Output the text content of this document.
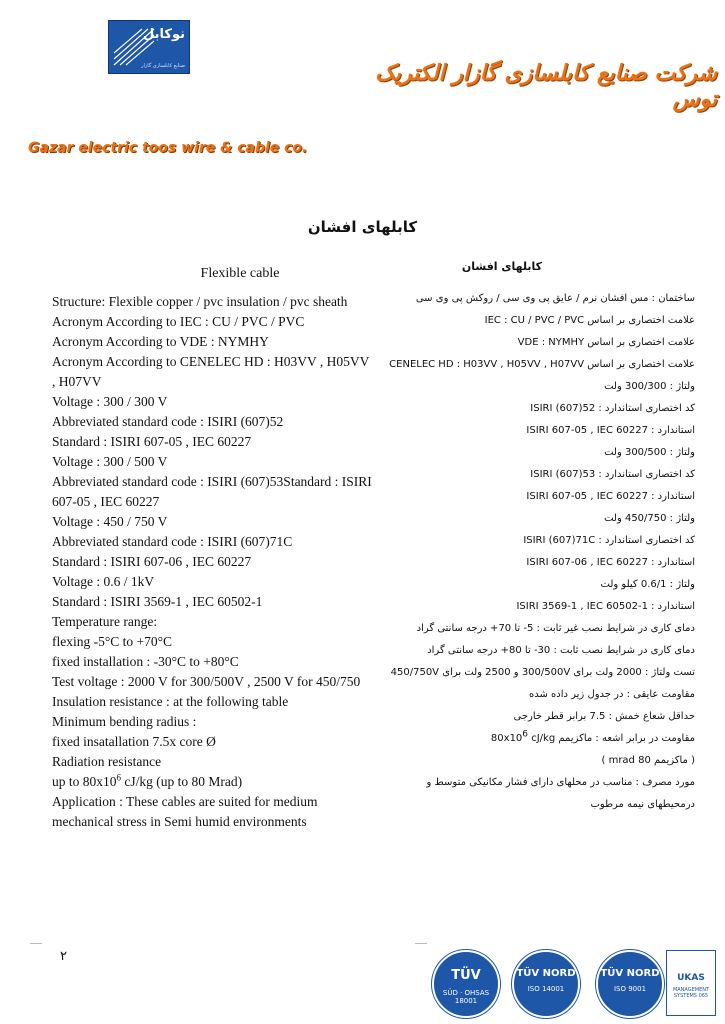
نوکابل
صنایع کابلسازی گازار	شرکت صنایع کابلسازی گازار الکتریک توس
Gazar electric toos wire & cable co.
کابلهای افشان
Flexible cable
Structure: Flexible copper / pvc insulation / pvc sheath
Acronym According to IEC : CU / PVC / PVC
Acronym According to VDE : NYMHY
Acronym According to CENELEC HD : H03VV , H05VV , H07VV
Voltage : 300 / 300 V
Abbreviated standard code : ISIRI (607)52
Standard : ISIRI 607-05 , IEC 60227
Voltage : 300 / 500 V
Abbreviated standard code : ISIRI (607)53Standard : ISIRI 607-05 , IEC 60227
Voltage : 450 / 750 V
Abbreviated standard code : ISIRI (607)71C
Standard : ISIRI 607-06 , IEC 60227
Voltage : 0.6 / 1kV
Standard : ISIRI 3569-1 , IEC 60502-1
Temperature range:
flexing -5°C to +70°C
fixed installation : -30°C to +80°C
Test voltage : 2000 V for 300/500V , 2500 V for 450/750
Insulation resistance : at the following table
Minimum bending radius :
fixed insatallation 7.5x core Ø
Radiation resistance
up to $80x10^6$ cJ/kg (up to 80 Mrad)
Application : These cables are suited for medium mechanical stress in Semi humid environments
کابلهای افشان
ساختمان : مس افشان نرم / عایق پی وی سی / روکش پی وی سی
علامت اختصاری بر اساس IEC : CU / PVC / PVC
علامت اختصاری بر اساس VDE : NYMHY
علامت اختصاری بر اساس CENELEC HD : H03VV , H05VV , H07VV
ولتاژ : 300/300 ولت
کد اختصاری استاندارد : ISIRI (607)52
استاندارد : ISIRI 607-05 , IEC 60227
ولتاژ : 300/500 ولت
کد اختصاری استاندارد : ISIRI (607)53
استاندارد : ISIRI 607-05 , IEC 60227
ولتاژ : 450/750 ولت
کد اختصاری استاندارد : ISIRI (607)71C
استاندارد : ISIRI 607-06 , IEC 60227
ولتاژ : 0.6/1 کیلو ولت
استاندارد : ISIRI 3569-1 , IEC 60502-1
دمای کاری در شرایط نصب غیر ثابت : 5- تا 70+ درجه سانتی گراد
دمای کاری در شرایط نصب ثابت : 30- تا 80+ درجه سانتی گراد
تست ولتاژ : 2000 ولت برای 300/500V و 2500 ولت برای 450/750V
مقاومت عایقی : در جدول زیر داده شده
حداقل شعاع خمش : 7.5 برابر قطر خارجی
مقاومت در برابر اشعه : ماکزیمم $80x10^6$ cJ/kg
( ماکزیمم 80 mrad )
مورد مصرف : مناسب در محلهای دارای فشار مکانیکی متوسط و درمحیطهای نیمه مرطوب
۲
TÜV
SÜD · OHSAS 18001
TÜV NORD
ISO 14001
TÜV NORD
ISO 9001
UKAS
MANAGEMENT SYSTEMS 065
